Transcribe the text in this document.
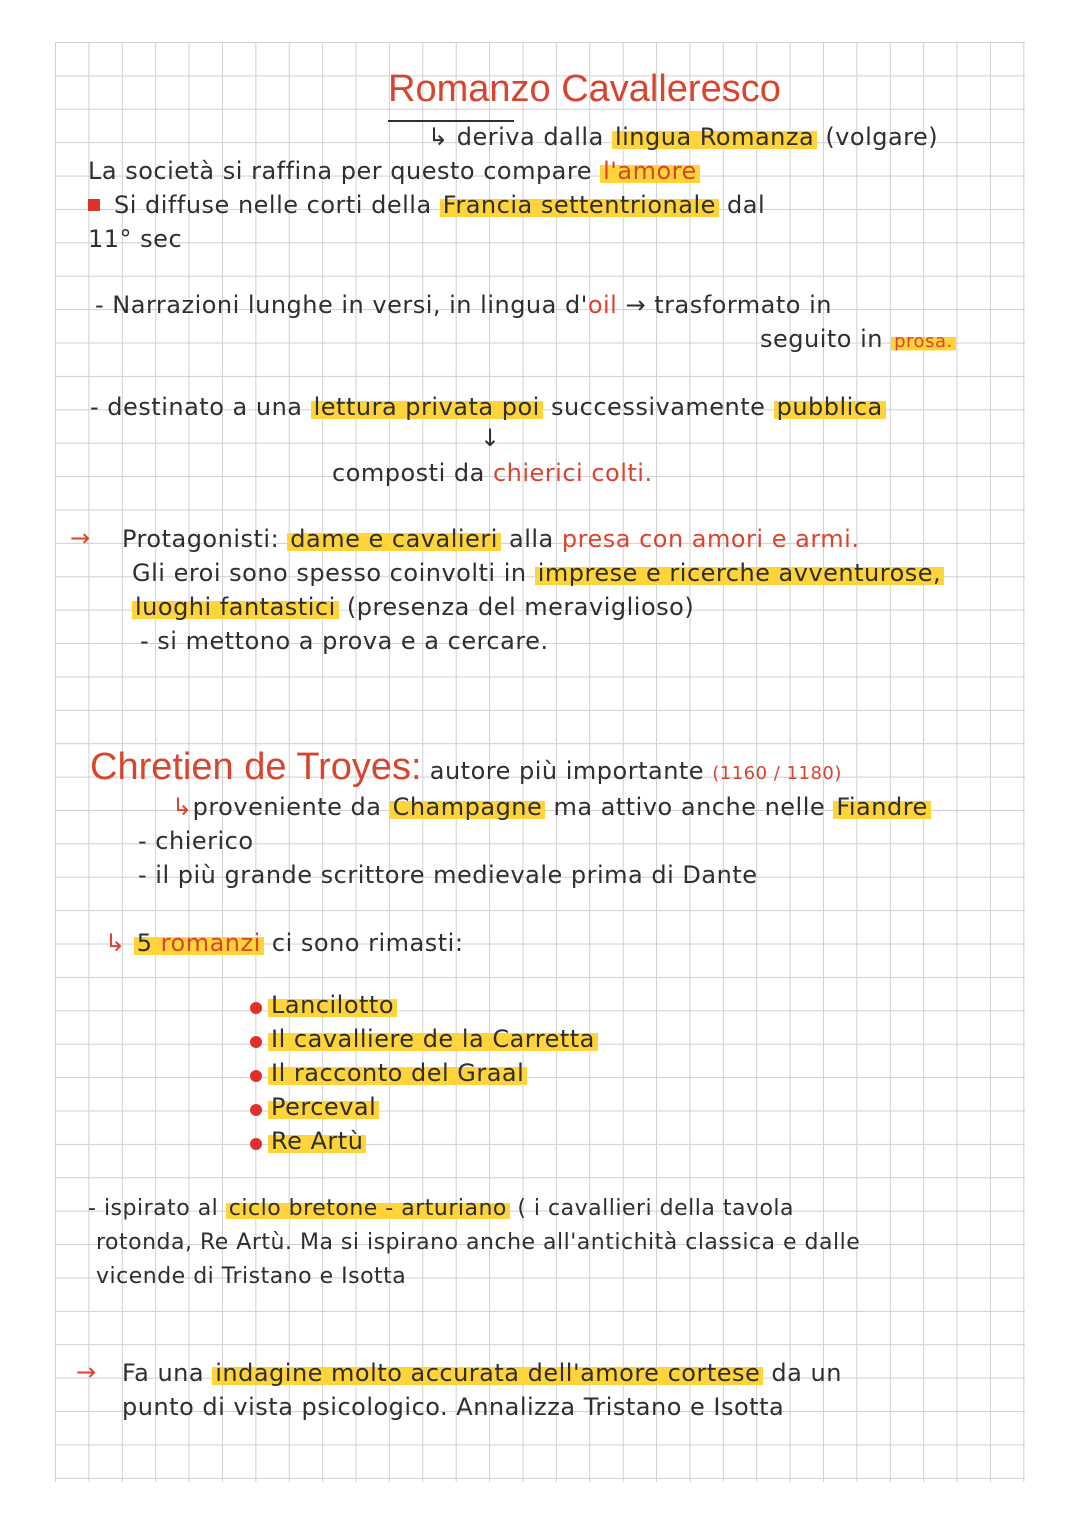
Romanzo Cavalleresco
↳ deriva dalla lingua Romanza (volgare)
La società si raffina per questo compare l'amore
Si diffuse nelle corti della Francia settentrionale dal
11° sec
- Narrazioni lunghe in versi, in lingua d'oil → trasformato in
seguito in prosa.
- destinato a una lettura privata poi successivamente pubblica
↓
composti da chierici colti.
→ Protagonisti: dame e cavalieri alla presa con amori e armi.
Gli eroi sono spesso coinvolti in imprese e ricerche avventurose,
luoghi fantastici (presenza del meraviglioso)
- si mettono a prova e a cercare.
Chretien de Troyes: autore più importante (1160 / 1180)
↳proveniente da Champagne ma attivo anche nelle Fiandre
- chierico
- il più grande scrittore medievale prima di Dante
↳ 5 romanzi ci sono rimasti:
Lancilotto
Il cavalliere de la Carretta
Il racconto del Graal
Perceval
Re Artù
- ispirato al ciclo bretone - arturiano ( i cavallieri della tavola
rotonda, Re Artù. Ma si ispirano anche all'antichità classica e dalle
vicende di Tristano e Isotta
→ Fa una indagine molto accurata dell'amore cortese da un
punto di vista psicologico. Annalizza Tristano e Isotta
